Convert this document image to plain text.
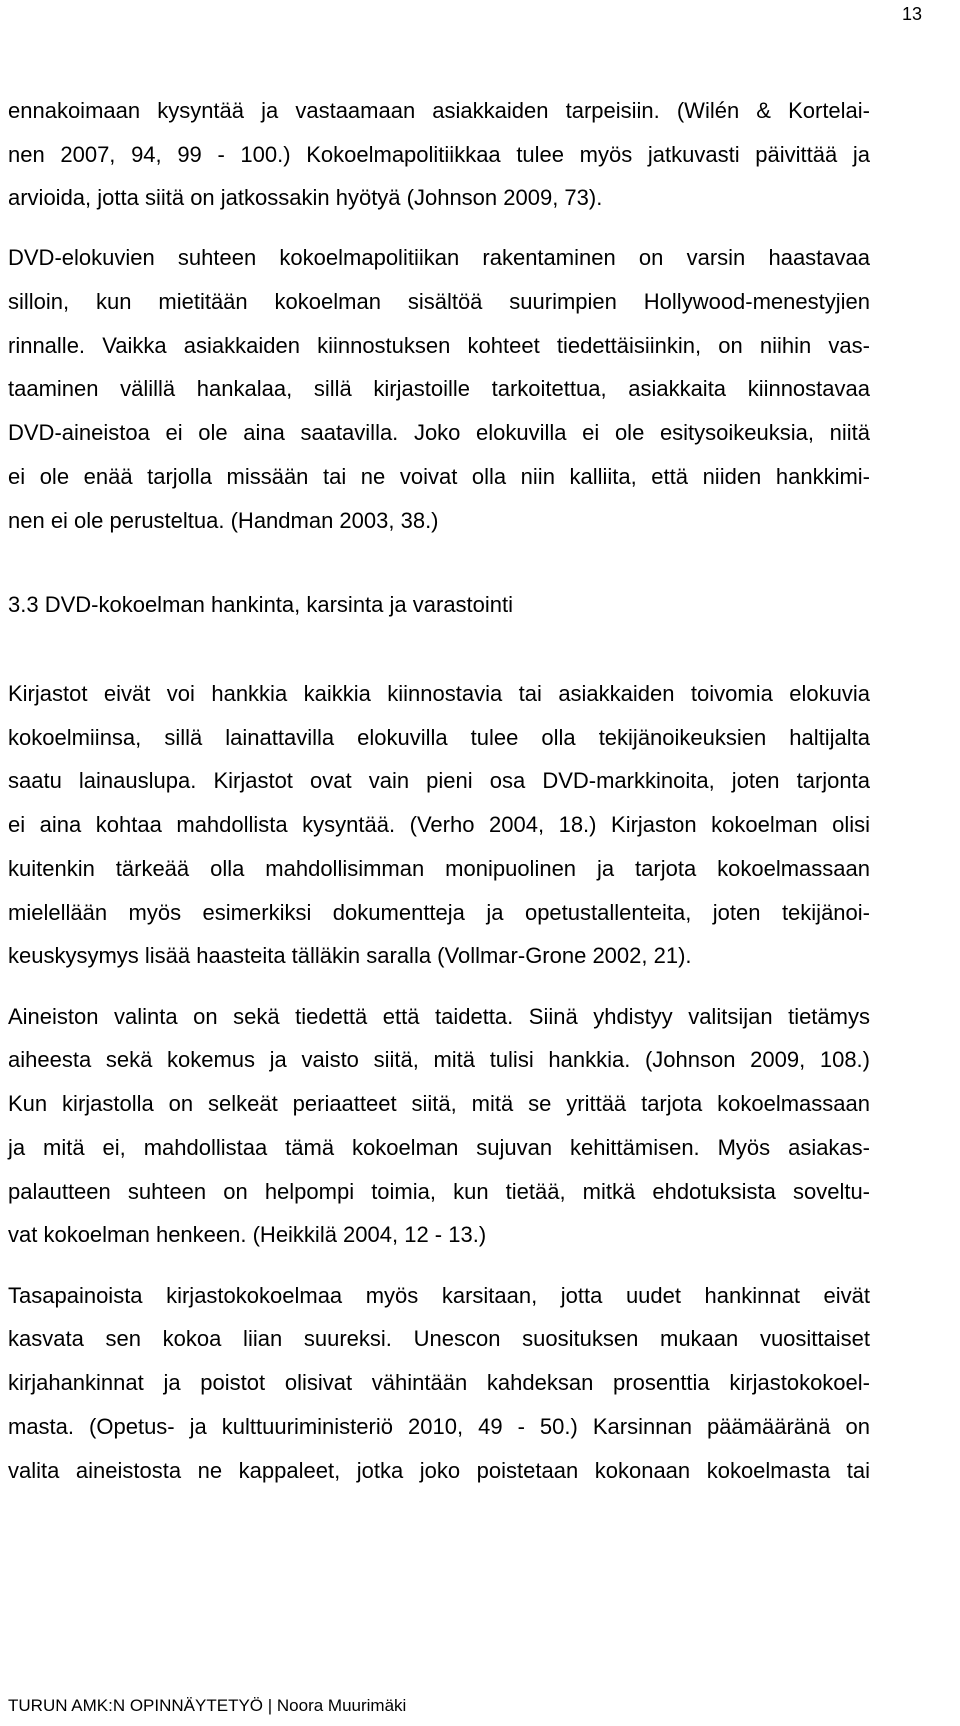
13
ennakoimaan kysyntää ja vastaamaan asiakkaiden tarpeisiin. (Wilén & Kortelai-
nen 2007, 94, 99 - 100.) Kokoelmapolitiikkaa tulee myös jatkuvasti päivittää ja
arvioida, jotta siitä on jatkossakin hyötyä (Johnson 2009, 73).
DVD-elokuvien suhteen kokoelmapolitiikan rakentaminen on varsin haastavaa
silloin, kun mietitään kokoelman sisältöä suurimpien Hollywood-menestyjien
rinnalle. Vaikka asiakkaiden kiinnostuksen kohteet tiedettäisiinkin, on niihin vas-
taaminen välillä hankalaa, sillä kirjastoille tarkoitettua, asiakkaita kiinnostavaa
DVD-aineistoa ei ole aina saatavilla. Joko elokuvilla ei ole esitysoikeuksia, niitä
ei ole enää tarjolla missään tai ne voivat olla niin kalliita, että niiden hankkimi-
nen ei ole perusteltua. (Handman 2003, 38.)
3.3 DVD-kokoelman hankinta, karsinta ja varastointi
Kirjastot eivät voi hankkia kaikkia kiinnostavia tai asiakkaiden toivomia elokuvia
kokoelmiinsa, sillä lainattavilla elokuvilla tulee olla tekijänoikeuksien haltijalta
saatu lainauslupa. Kirjastot ovat vain pieni osa DVD-markkinoita, joten tarjonta
ei aina kohtaa mahdollista kysyntää. (Verho 2004, 18.) Kirjaston kokoelman olisi
kuitenkin tärkeää olla mahdollisimman monipuolinen ja tarjota kokoelmassaan
mielellään myös esimerkiksi dokumentteja ja opetustallenteita, joten tekijänoi-
keuskysymys lisää haasteita tälläkin saralla (Vollmar-Grone 2002, 21).
Aineiston valinta on sekä tiedettä että taidetta. Siinä yhdistyy valitsijan tietämys
aiheesta sekä kokemus ja vaisto siitä, mitä tulisi hankkia. (Johnson 2009, 108.)
Kun kirjastolla on selkeät periaatteet siitä, mitä se yrittää tarjota kokoelmassaan
ja mitä ei, mahdollistaa tämä kokoelman sujuvan kehittämisen. Myös asiakas-
palautteen suhteen on helpompi toimia, kun tietää, mitkä ehdotuksista soveltu-
vat kokoelman henkeen. (Heikkilä 2004, 12 - 13.)
Tasapainoista kirjastokokoelmaa myös karsitaan, jotta uudet hankinnat eivät
kasvata sen kokoa liian suureksi. Unescon suosituksen mukaan vuosittaiset
kirjahankinnat ja poistot olisivat vähintään kahdeksan prosenttia kirjastokokoel-
masta. (Opetus- ja kulttuuriministeriö 2010, 49 - 50.) Karsinnan päämääränä on
valita aineistosta ne kappaleet, jotka joko poistetaan kokonaan kokoelmasta tai
TURUN AMK:N OPINNÄYTETYÖ | Noora Muurimäki
